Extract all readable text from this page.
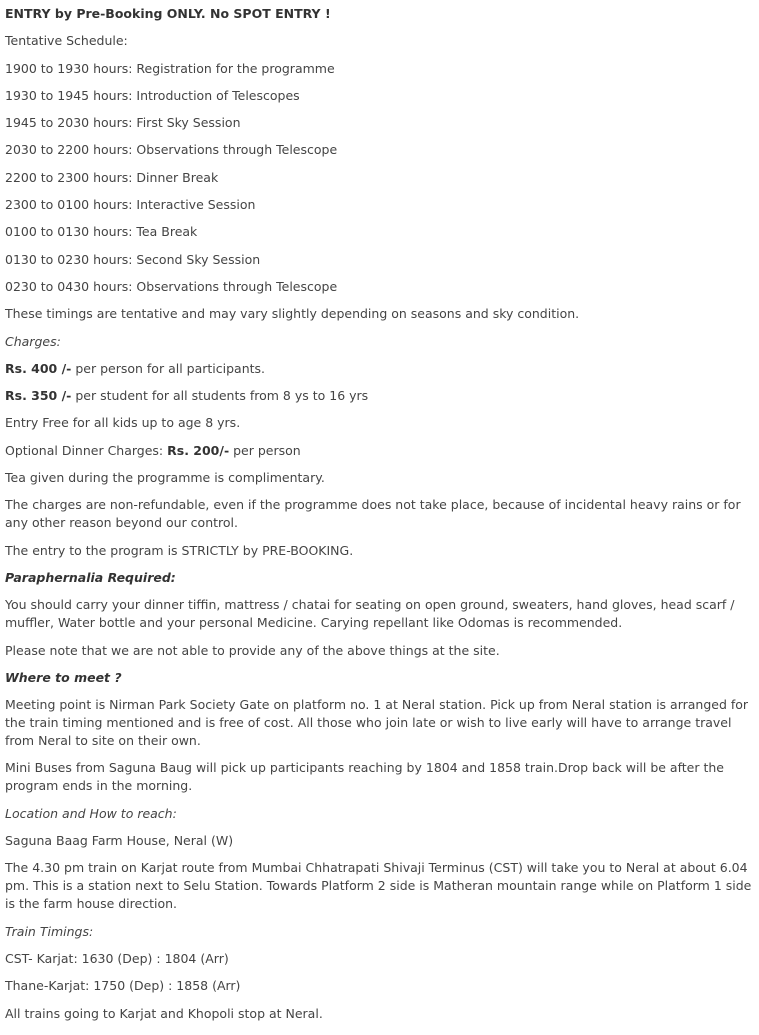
ENTRY by Pre-Booking ONLY. No SPOT ENTRY !

Tentative Schedule:

1900 to 1930 hours: Registration for the programme

1930 to 1945 hours: Introduction of Telescopes

1945 to 2030 hours: First Sky Session

2030 to 2200 hours: Observations through Telescope

2200 to 2300 hours: Dinner Break

2300 to 0100 hours: Interactive Session

0100 to 0130 hours: Tea Break

0130 to 0230 hours: Second Sky Session

0230 to 0430 hours: Observations through Telescope

These timings are tentative and may vary slightly depending on seasons and sky condition.

Charges:

Rs. 400 /- per person for all participants.

Rs. 350 /- per student for all students from 8 ys to 16 yrs

Entry Free for all kids up to age 8 yrs.

Optional Dinner Charges: Rs. 200/- per person

Tea given during the programme is complimentary.

The charges are non-refundable, even if the programme does not take place, because of incidental heavy rains or for any other reason beyond our control.

The entry to the program is STRICTLY by PRE-BOOKING.

Paraphernalia Required:

You should carry your dinner tiffin, mattress / chatai for seating on open ground, sweaters, hand gloves, head scarf / muffler, Water bottle and your personal Medicine. Carying repellant like Odomas is recommended.

Please note that we are not able to provide any of the above things at the site.

Where to meet ?

Meeting point is Nirman Park Society Gate on platform no. 1 at Neral station. Pick up from Neral station is arranged for the train timing mentioned and is free of cost. All those who join late or wish to live early will have to arrange travel from Neral to site on their own.

Mini Buses from Saguna Baug will pick up participants reaching by 1804 and 1858 train.Drop back will be after the program ends in the morning.

Location and How to reach:

Saguna Baag Farm House, Neral (W)

The 4.30 pm train on Karjat route from Mumbai Chhatrapati Shivaji Terminus (CST) will take you to Neral at about 6.04 pm. This is a station next to Selu Station. Towards Platform 2 side is Matheran mountain range while on Platform 1 side is the farm house direction.

Train Timings:

CST- Karjat: 1630 (Dep) : 1804 (Arr)

Thane-Karjat: 1750 (Dep) : 1858 (Arr)

All trains going to Karjat and Khopoli stop at Neral.
